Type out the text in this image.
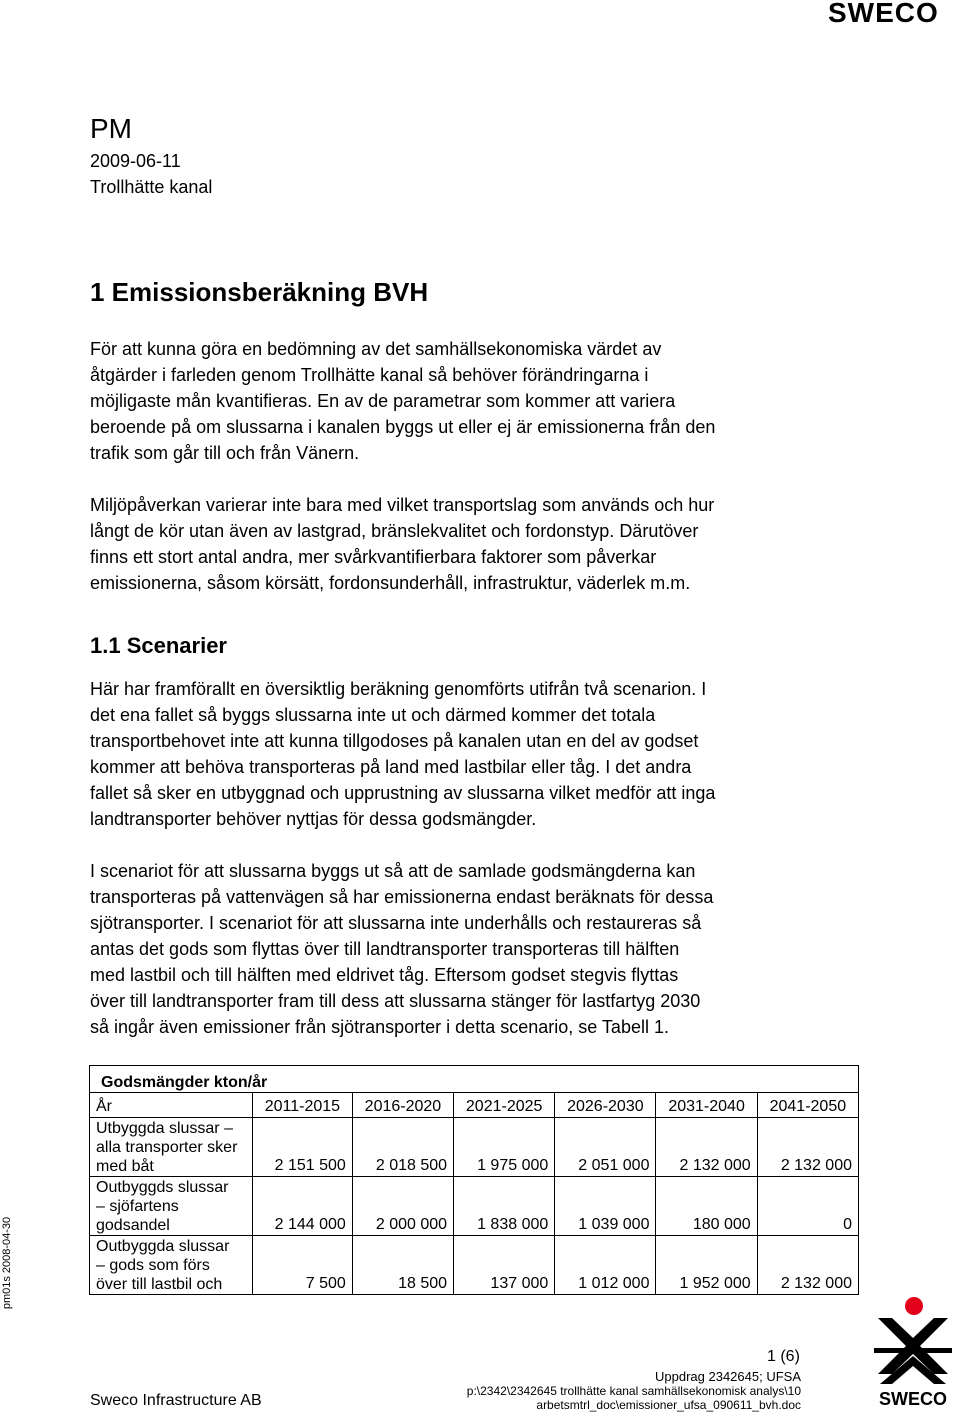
SWECO
PM
2009-06-11
Trollhätte kanal
1 Emissionsberäkning BVH
För att kunna göra en bedömning av det samhällsekonomiska värdet av
åtgärder i farleden genom Trollhätte kanal så behöver förändringarna i
möjligaste mån kvantifieras. En av de parametrar som kommer att variera
beroende på om slussarna i kanalen byggs ut eller ej är emissionerna från den
trafik som går till och från Vänern.
Miljöpåverkan varierar inte bara med vilket transportslag som används och hur
långt de kör utan även av lastgrad, bränslekvalitet och fordonstyp. Därutöver
finns ett stort antal andra, mer svårkvantifierbara faktorer som påverkar
emissionerna, såsom körsätt, fordonsunderhåll, infrastruktur, väderlek m.m.
1.1 Scenarier
Här har framförallt en översiktlig beräkning genomförts utifrån två scenarion. I
det ena fallet så byggs slussarna inte ut och därmed kommer det totala
transportbehovet inte att kunna tillgodoses på kanalen utan en del av godset
kommer att behöva transporteras på land med lastbilar eller tåg. I det andra
fallet så sker en utbyggnad och upprustning av slussarna vilket medför att inga
landtransporter behöver nyttjas för dessa godsmängder.
I scenariot för att slussarna byggs ut så att de samlade godsmängderna kan
transporteras på vattenvägen så har emissionerna endast beräknats för dessa
sjötransporter. I scenariot för att slussarna inte underhålls och restaureras så
antas det gods som flyttas över till landtransporter transporteras till hälften
med lastbil och till hälften med eldrivet tåg. Eftersom godset stegvis flyttas
över till landtransporter fram till dess att slussarna stänger för lastfartyg 2030
så ingår även emissioner från sjötransporter i detta scenario, se Tabell 1.
Godsmängder kton/år						
År	2011-2015	2016-2020	2021-2025	2026-2030	2031-2040	2041-2050

Utbyggda slussar –
alla transporter sker
med båt	2 151 500	2 018 500	1 975 000	2 051 000	2 132 000	2 132 000

Outbyggds slussar
– sjöfartens
godsandel	2 144 000	2 000 000	1 838 000	1 039 000	180 000	0

Outbyggda slussar
– gods som förs
över till lastbil och	7 500	18 500	137 000	1 012 000	1 952 000	2 132 000
pm01s 2008-04-30
1 (6)
Uppdrag 2342645; UFSA
p:\2342\2342645 trollhätte kanal samhällsekonomisk analys\10
arbetsmtrl_doc\emissioner_ufsa_090611_bvh.doc
Sweco Infrastructure AB	SWECO
